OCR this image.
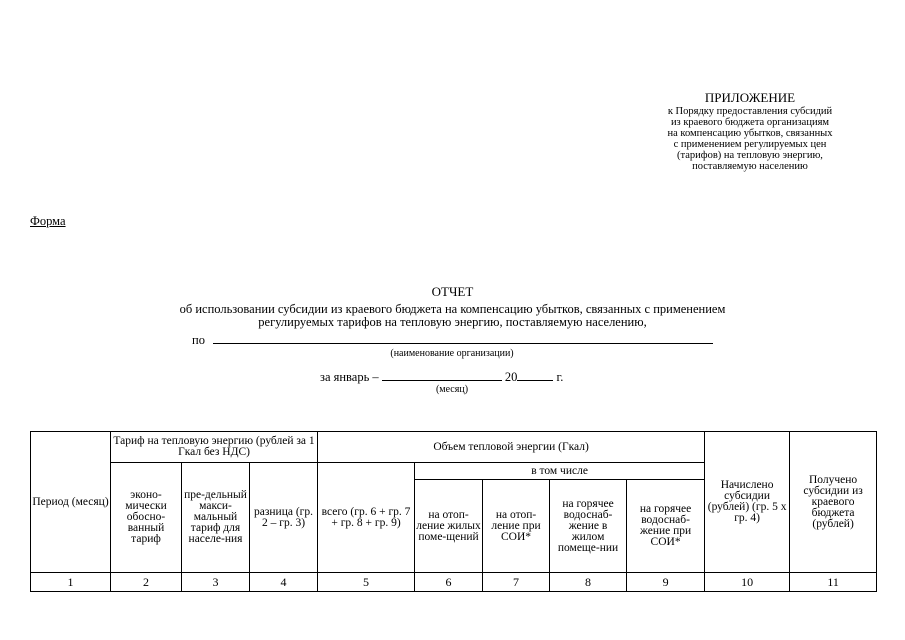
ПРИЛОЖЕНИЕ
к Порядку предоставления субсидий
из краевого бюджета организациям
на компенсацию убытков, связанных
с применением регулируемых цен
(тарифов) на тепловую энергию,
поставляемую населению
Форма
ОТЧЕТ
об использовании субсидии из краевого бюджета на компенсацию убытков, связанных с применением
регулируемых тарифов на тепловую энергию, поставляемую населению,
по
(наименование организации)
за январь –	20	г.
(месяц)
Период (месяц)	Тариф на тепловую энергию (рублей за 1 Гкал без НДС)			Объем тепловой энергии (Гкал)					Начислено субсидии (рублей) (гр. 5 х гр. 4)	Получено субсидии из краевого бюджета (рублей)
	эконо-мически обосно-ванный тариф	пре-дельный макси-мальный тариф для населе-ния	разница (гр. 2 – гр. 3)	всего (гр. 6 + гр. 7 + гр. 8 + гр. 9)	в том числе					
					на отоп-ление жилых поме-щений	на отоп-ление при СОИ*	на горячее водоснаб-жение в жилом помеще-нии	на горячее водоснаб-жение при СОИ*		
1	2	3	4	5	6	7	8	9	10	11
